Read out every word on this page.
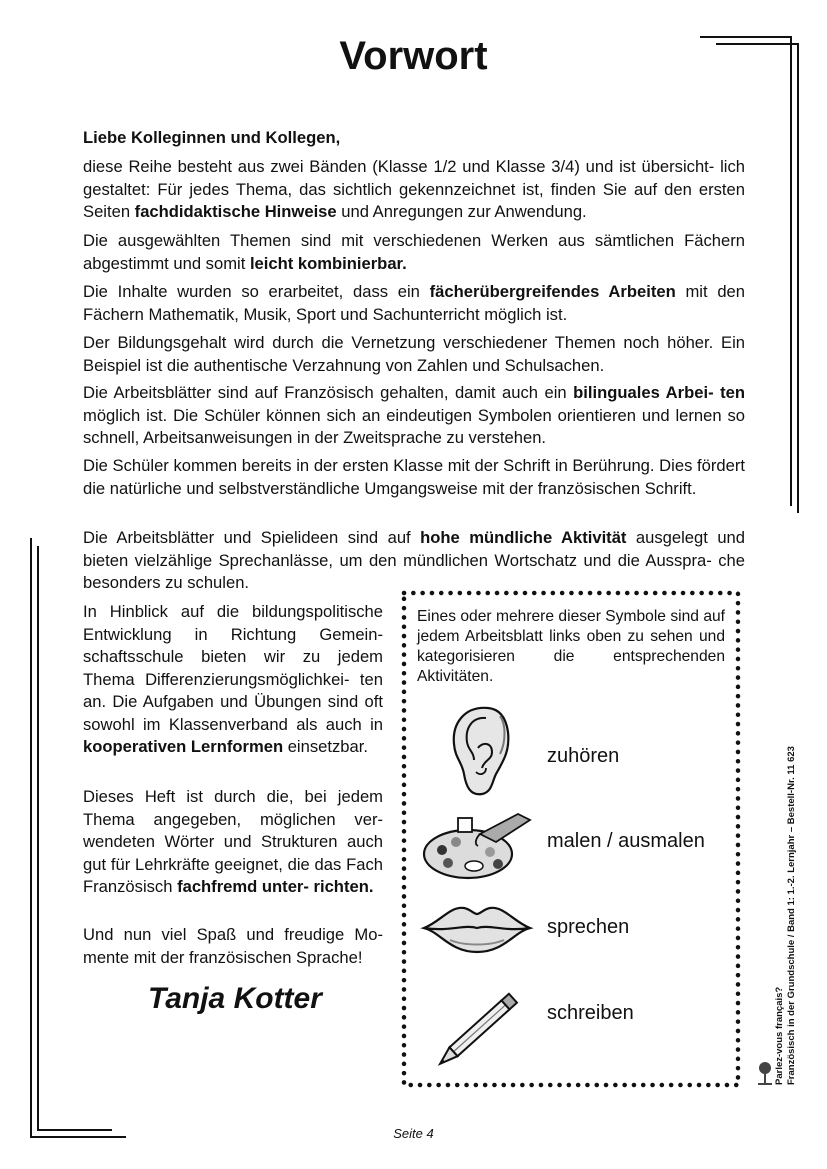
Vorwort
Liebe Kolleginnen und Kollegen,
diese Reihe besteht aus zwei Bänden (Klasse 1/2 und Klasse 3/4) und ist übersicht- lich gestaltet: Für jedes Thema, das sichtlich gekennzeichnet ist, finden Sie auf den ersten Seiten fachdidaktische Hinweise und Anregungen zur Anwendung.
Die ausgewählten Themen sind mit verschiedenen Werken aus sämtlichen Fächern abgestimmt und somit leicht kombinierbar.
Die Inhalte wurden so erarbeitet, dass ein fächerübergreifendes Arbeiten mit den Fächern Mathematik, Musik, Sport und Sachunterricht möglich ist.
Der Bildungsgehalt wird durch die Vernetzung verschiedener Themen noch höher. Ein Beispiel ist die authentische Verzahnung von Zahlen und Schulsachen.
Die Arbeitsblätter sind auf Französisch gehalten, damit auch ein bilinguales Arbei- ten möglich ist. Die Schüler können sich an eindeutigen Symbolen orientieren und lernen so schnell, Arbeitsanweisungen in der Zweitsprache zu verstehen.
Die Schüler kommen bereits in der ersten Klasse mit der Schrift in Berührung. Dies fördert die natürliche und selbstverständliche Umgangsweise mit der französischen Schrift.
Die Arbeitsblätter und Spielideen sind auf hohe mündliche Aktivität ausgelegt und bieten vielzählige Sprechanlässe, um den mündlichen Wortschatz und die Ausspra- che besonders zu schulen.
In Hinblick auf die bildungspolitische Entwicklung in Richtung Gemein- schaftsschule bieten wir zu jedem Thema Differenzierungsmöglichkei- ten an. Die Aufgaben und Übungen sind oft sowohl im Klassenverband als auch in kooperativen Lernformen einsetzbar.
Dieses Heft ist durch die, bei jedem Thema angegeben, möglichen ver- wendeten Wörter und Strukturen auch gut für Lehrkräfte geeignet, die das Fach Französisch fachfremd unter- richten.
Und nun viel Spaß und freudige Mo- mente mit der französischen Sprache!
Tanja Kotter
Eines oder mehrere dieser Symbole sind auf jedem Arbeitsblatt links oben zu sehen und kategorisieren die entsprechenden Aktivitäten.
zuhören
malen / ausmalen
sprechen
schreiben	Parlez-vous français? Französisch in der Grundschule / Band 1: 1.-2. Lernjahr – Bestell-Nr. 11 623
Seite 4
